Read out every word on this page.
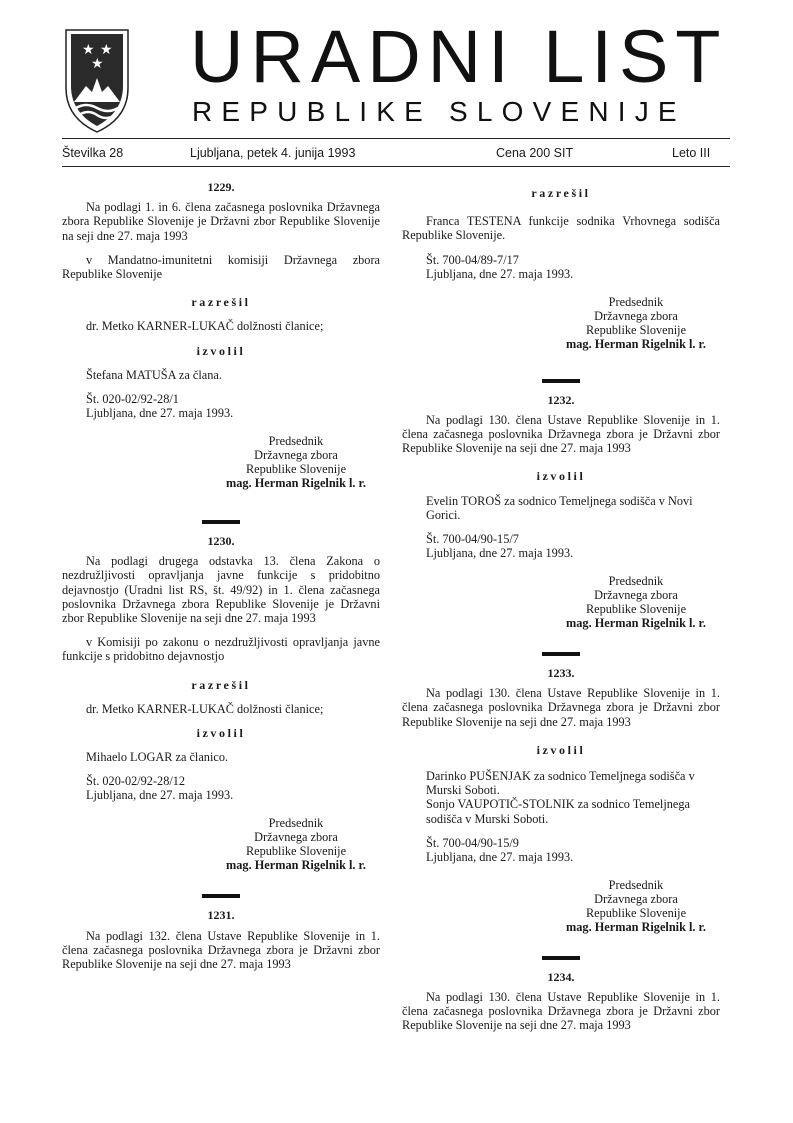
★ ★
★ URADNI LIST
REPUBLIKE SLOVENIJE
Številka 28	Ljubljana, petek 4. junija 1993	Cena 200 SIT	Leto III
1229.

Na podlagi 1. in 6. člena začasnega poslovnika Državnega zbora Republike Slovenije je Državni zbor Republike Slovenije na seji dne 27. maja 1993

v Mandatno-imunitetni komisiji Državnega zbora Republike Slovenije

razrešil

dr. Metko KARNER-LUKAČ dolžnosti članice;

izvolil

Štefana MATUŠA za člana.

Št. 020-02/92-28/1
Ljubljana, dne 27. maja 1993.
Predsednik
Državnega zbora
Republike Slovenije
mag. Herman Rigelnik l. r.
1230.

Na podlagi drugega odstavka 13. člena Zakona o nezdružljivosti opravljanja javne funkcije s pridobitno dejavnostjo (Uradni list RS, št. 49/92) in 1. člena začasnega poslovnika Državnega zbora Republike Slovenije je Državni zbor Republike Slovenije na seji dne 27. maja 1993

v Komisiji po zakonu o nezdružljivosti opravljanja javne funkcije s pridobitno dejavnostjo

razrešil

dr. Metko KARNER-LUKAČ dolžnosti članice;

izvolil

Mihaelo LOGAR za članico.

Št. 020-02/92-28/12
Ljubljana, dne 27. maja 1993.
Predsednik
Državnega zbora
Republike Slovenije
mag. Herman Rigelnik l. r.
1231.

Na podlagi 132. člena Ustave Republike Slovenije in 1. člena začasnega poslovnika Državnega zbora je Državni zbor Republike Slovenije na seji dne 27. maja 1993

razrešil

Franca TESTENA funkcije sodnika Vrhovnega sodišča Republike Slovenije.

Št. 700-04/89-7/17
Ljubljana, dne 27. maja 1993.
Predsednik
Državnega zbora
Republike Slovenije
mag. Herman Rigelnik l. r.
1232.

Na podlagi 130. člena Ustave Republike Slovenije in 1. člena začasnega poslovnika Državnega zbora je Državni zbor Republike Slovenije na seji dne 27. maja 1993

izvolil

Evelin TOROŠ za sodnico Temeljnega sodišča v Novi Gorici.

Št. 700-04/90-15/7
Ljubljana, dne 27. maja 1993.
Predsednik
Državnega zbora
Republike Slovenije
mag. Herman Rigelnik l. r.
1233.

Na podlagi 130. člena Ustave Republike Slovenije in 1. člena začasnega poslovnika Državnega zbora je Državni zbor Republike Slovenije na seji dne 27. maja 1993

izvolil

Darinko PUŠENJAK za sodnico Temeljnega sodišča v Murski Soboti.

Sonjo VAUPOTIČ-STOLNIK za sodnico Temeljnega sodišča v Murski Soboti.

Št. 700-04/90-15/9
Ljubljana, dne 27. maja 1993.
Predsednik
Državnega zbora
Republike Slovenije
mag. Herman Rigelnik l. r.
1234.

Na podlagi 130. člena Ustave Republike Slovenije in 1. člena začasnega poslovnika Državnega zbora je Državni zbor Republike Slovenije na seji dne 27. maja 1993
